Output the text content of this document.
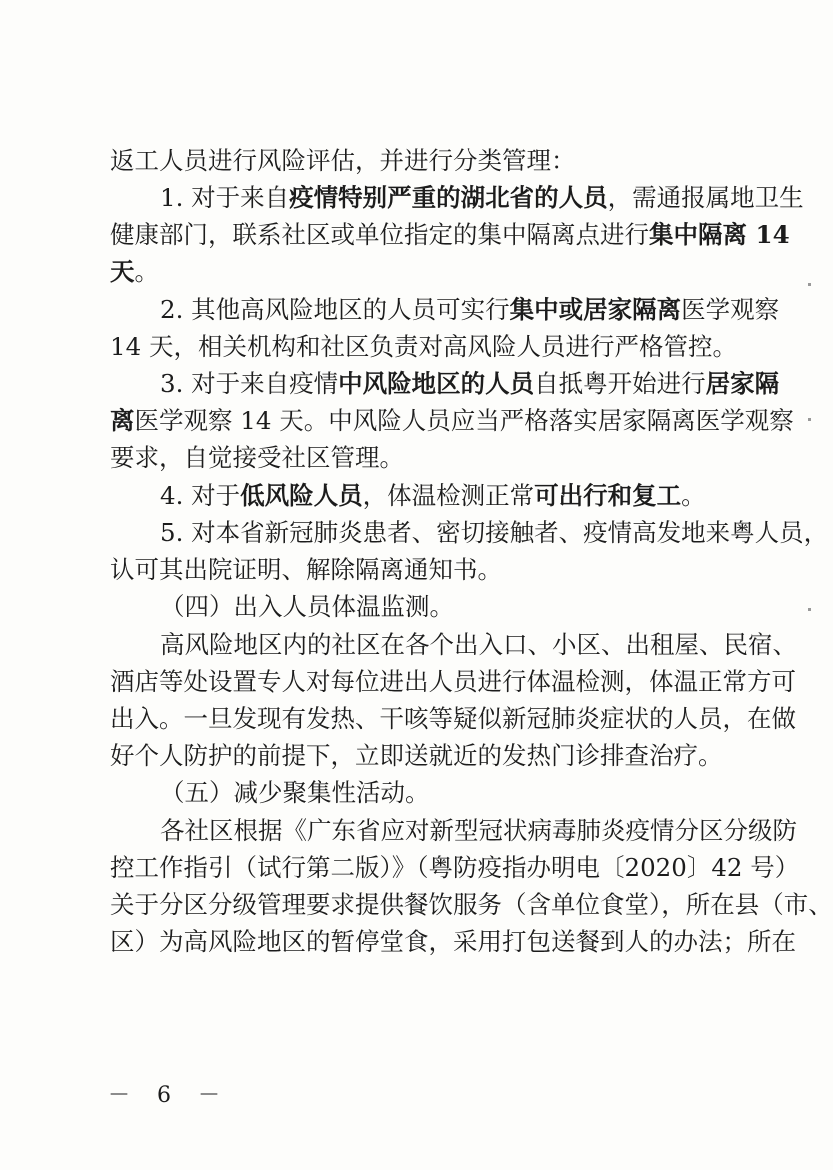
返工人员进行风险评估，并进行分类管理：
1. 对于来自疫情特别严重的湖北省的人员，需通报属地卫生
健康部门，联系社区或单位指定的集中隔离点进行集中隔离 14
天。
2. 其他高风险地区的人员可实行集中或居家隔离医学观察
14 天，相关机构和社区负责对高风险人员进行严格管控。
3. 对于来自疫情中风险地区的人员自抵粤开始进行居家隔
离医学观察 14 天。中风险人员应当严格落实居家隔离医学观察
要求，自觉接受社区管理。
4. 对于低风险人员，体温检测正常可出行和复工。
5. 对本省新冠肺炎患者、密切接触者、疫情高发地来粤人员，
认可其出院证明、解除隔离通知书。
（四）出入人员体温监测。
高风险地区内的社区在各个出入口、小区、出租屋、民宿、
酒店等处设置专人对每位进出人员进行体温检测，体温正常方可
出入。一旦发现有发热、干咳等疑似新冠肺炎症状的人员，在做
好个人防护的前提下，立即送就近的发热门诊排查治疗。
（五）减少聚集性活动。
各社区根据《广东省应对新型冠状病毒肺炎疫情分区分级防
控工作指引（试行第二版）》（粤防疫指办明电〔2020〕42 号）
关于分区分级管理要求提供餐饮服务（含单位食堂），所在县（市、
区）为高风险地区的暂停堂食，采用打包送餐到人的办法；所在
－ 6 －
